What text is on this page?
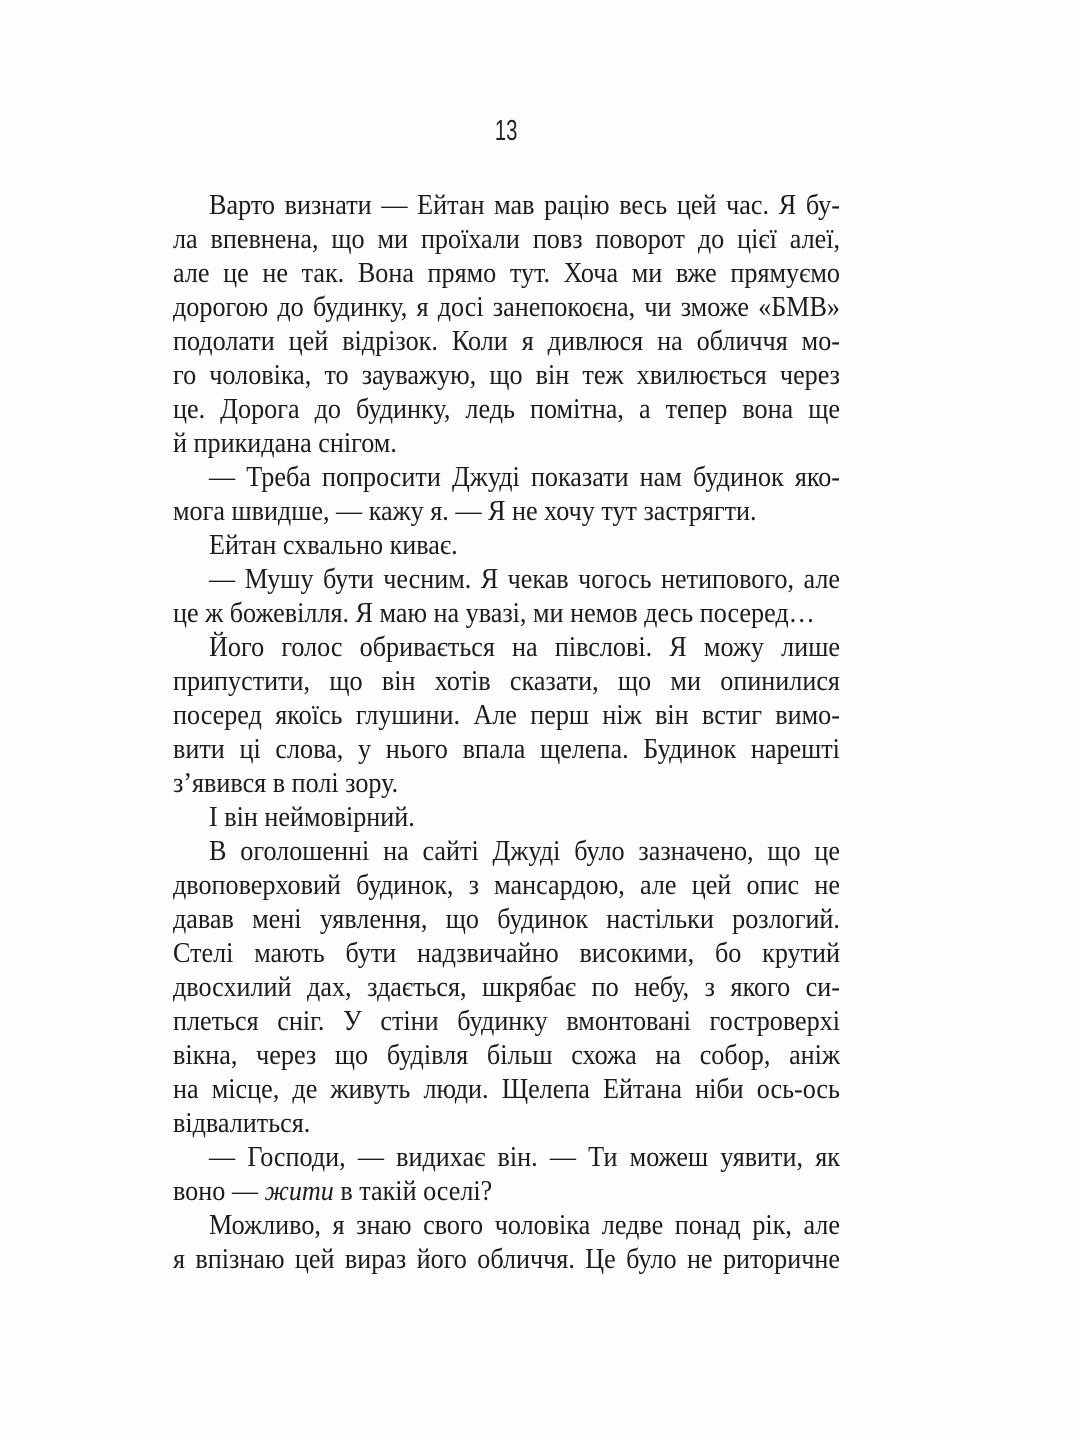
13
Варто визнати — Ейтан мав рацію весь цей час. Я бу-
ла впевнена, що ми проїхали повз поворот до цієї алеї,
але це не так. Вона прямо тут. Хоча ми вже прямуємо
дорогою до будинку, я досі занепокоєна, чи зможе «БМВ»
подолати цей відрізок. Коли я дивлюся на обличчя мо-
го чоловіка, то зауважую, що він теж хвилюється через
це. Дорога до будинку, ледь помітна, а тепер вона ще
й прикидана снігом.
— Треба попросити Джуді показати нам будинок яко-
мога швидше, — кажу я. — Я не хочу тут застрягти.
Ейтан схвально киває.
— Мушу бути чесним. Я чекав чогось нетипового, але
це ж божевілля. Я маю на увазі, ми немов десь посеред…
Його голос обривається на півслові. Я можу лише
припустити, що він хотів сказати, що ми опинилися
посеред якоїсь глушини. Але перш ніж він встиг вимо-
вити ці слова, у нього впала щелепа. Будинок нарешті
з’явився в полі зору.
І він неймовірний.
В оголошенні на сайті Джуді було зазначено, що це
двоповерховий будинок, з мансардою, але цей опис не
давав мені уявлення, що будинок настільки розлогий.
Стелі мають бути надзвичайно високими, бо крутий
двосхилий дах, здається, шкрябає по небу, з якого си-
плеться сніг. У стіни будинку вмонтовані гостроверхі
вікна, через що будівля більш схожа на собор, аніж
на місце, де живуть люди. Щелепа Ейтана ніби ось-ось
відвалиться.
— Господи, — видихає він. — Ти можеш уявити, як
воно — жити в такій оселі?
Можливо, я знаю свого чоловіка ледве понад рік, але
я впізнаю цей вираз його обличчя. Це було не риторичне
